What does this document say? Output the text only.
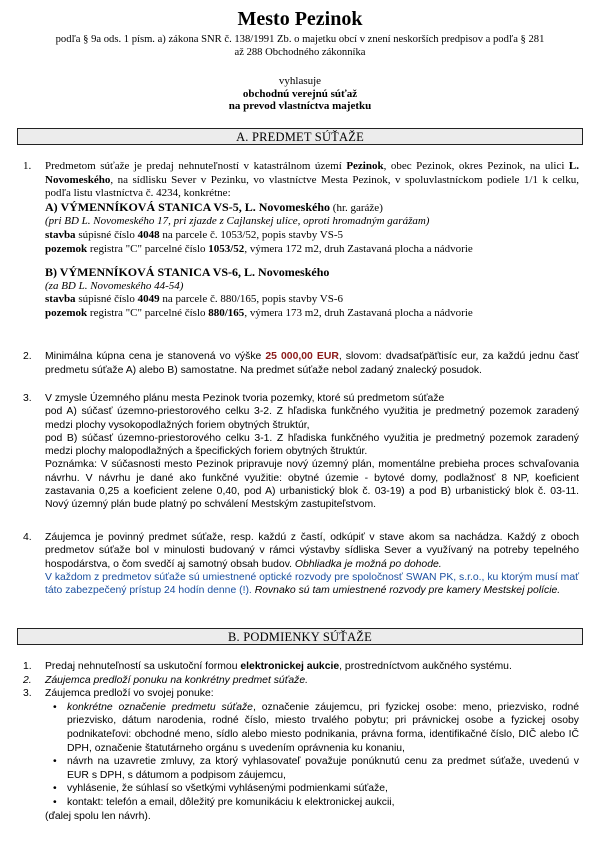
Mesto Pezinok
podľa § 9a ods. 1 písm. a) zákona SNR č. 138/1991 Zb. o majetku obcí v znení neskorších predpisov a podľa § 281
až 288 Obchodného zákonníka
vyhlasuje
obchodnú verejnú súťaž
na prevod vlastníctva majetku
A. PREDMET SÚŤAŽE
1.	Predmetom súťaže je predaj nehnuteľností v katastrálnom území Pezinok, obec Pezinok, okres Pezinok, na ulici L. Novomeského, na sídlisku Sever v Pezinku, vo vlastníctve Mesta Pezinok, v spoluvlastníckom podiele 1/1 k celku, podľa listu vlastníctva č. 4234, konkrétne:
A) VÝMENNÍKOVÁ STANICA VS-5, L. Novomeského (hr. garáže)
(pri BD L. Novomeského 17, pri zjazde z Cajlanskej ulice, oproti hromadným garážam)
stavba súpisné číslo 4048 na parcele č. 1053/52, popis stavby VS-5
pozemok registra "C" parcelné číslo 1053/52, výmera 172 m2, druh Zastavaná plocha a nádvorie
B) VÝMENNÍKOVÁ STANICA VS-6, L. Novomeského
(za BD L. Novomeského 44-54)
stavba súpisné číslo 4049 na parcele č. 880/165, popis stavby VS-6
pozemok registra "C" parcelné číslo 880/165, výmera 173 m2, druh Zastavaná plocha a nádvorie
2.	Minimálna kúpna cena je stanovená vo výške 25 000,00 EUR, slovom: dvadsaťpäťtisíc eur, za každú jednu časť predmetu súťaže A) alebo B) samostatne. Na predmet súťaže nebol zadaný znalecký posudok.
3. V zmysle Územného plánu mesta Pezinok tvoria pozemky, ktoré sú predmetom súťaže
pod A) súčasť územno-priestorového celku 3-2. Z hľadiska funkčného využitia je predmetný pozemok zaradený medzi plochy vysokopodlažných foriem obytných štruktúr,
pod B) súčasť územno-priestorového celku 3-1. Z hľadiska funkčného využitia je predmetný pozemok zaradený medzi plochy malopodlažných a špecifických foriem obytných štruktúr.
Poznámka: V súčasnosti mesto Pezinok pripravuje nový územný plán, momentálne prebieha proces schvaľovania návrhu. V návrhu je dané ako funkčné využitie: obytné územie - bytové domy, podlažnosť 8 NP, koeficient zastavania 0,25 a koeficient zelene 0,40, pod A) urbanistický blok č. 03-19) a pod B) urbanistický blok č. 03-11. Nový územný plán bude platný po schválení Mestským zastupiteľstvom.
4.	Záujemca je povinný predmet súťaže, resp. každú z častí, odkúpiť v stave akom sa nachádza. Každý z oboch predmetov súťaže bol v minulosti budovaný v rámci výstavby sídliska Sever a využívaný na potreby tepelného hospodárstva, o čom svedčí aj samotný obsah budov. Obhliadka je možná po dohode.
V každom z predmetov súťaže sú umiestnené optické rozvody pre spoločnosť SWAN PK, s.r.o., ku ktorým musí mať táto zabezpečený prístup 24 hodín denne (!). Rovnako sú tam umiestnené rozvody pre kamery Mestskej polície.
B. PODMIENKY SÚŤAŽE
1.	Predaj nehnuteľností sa uskutoční formou elektronickej aukcie, prostredníctvom aukčného systému.
2.	Záujemca predloží ponuku na konkrétny predmet súťaže.
3.	Záujemca predloží vo svojej ponuke:
• konkrétne označenie predmetu súťaže, označenie záujemcu, pri fyzickej osobe: meno, priezvisko, rodné priezvisko, dátum narodenia, rodné číslo, miesto trvalého pobytu; pri právnickej osobe a fyzickej osoby podnikateľovi: obchodné meno, sídlo alebo miesto podnikania, právna forma, identifikačné číslo, DIČ alebo IČ DPH, označenie štatutárneho orgánu s uvedením oprávnenia ku konaniu,
• návrh na uzavretie zmluvy, za ktorý vyhlasovateľ považuje ponúknutú cenu za predmet súťaže, uvedenú v EUR s DPH, s dátumom a podpisom záujemcu,
• vyhlásenie, že súhlasí so všetkými vyhlásenými podmienkami súťaže,
• kontakt: telefón a email, dôležitý pre komunikáciu k elektronickej aukcii,
(ďalej spolu len návrh).
